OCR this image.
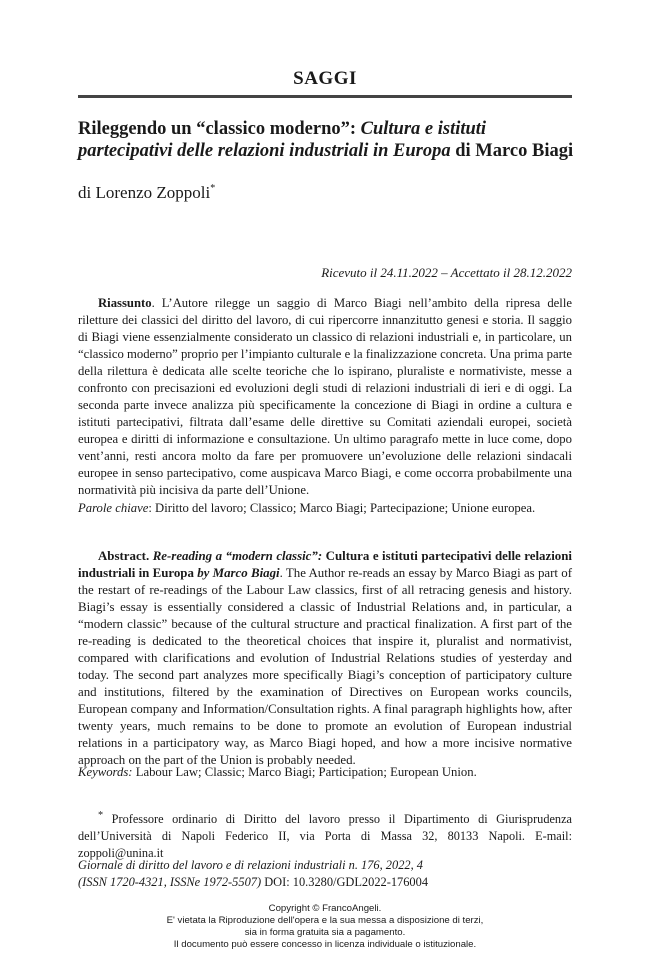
SAGGI
Rileggendo un “classico moderno”: Cultura e istituti partecipativi delle relazioni industriali in Europa di Marco Biagi
di Lorenzo Zoppoli*
Ricevuto il 24.11.2022 – Accettato il 28.12.2022
Riassunto. L’Autore rilegge un saggio di Marco Biagi nell’ambito della ripresa delle riletture dei classici del diritto del lavoro, di cui ripercorre innanzitutto genesi e storia. Il saggio di Biagi viene essenzialmente considerato un classico di relazioni industriali e, in particolare, un “classico moderno” proprio per l’impianto culturale e la finalizzazione concreta. Una prima parte della rilettura è dedicata alle scelte teoriche che lo ispirano, pluraliste e normativiste, messe a confronto con precisazioni ed evoluzioni degli studi di relazioni industriali di ieri e di oggi. La seconda parte invece analizza più specificamente la concezione di Biagi in ordine a cultura e istituti partecipativi, filtrata dall’esame delle direttive su Comitati aziendali europei, società europea e diritti di informazione e consultazione. Un ultimo paragrafo mette in luce come, dopo vent’anni, resti ancora molto da fare per promuovere un’evoluzione delle relazioni sindacali europee in senso partecipativo, come auspicava Marco Biagi, e come occorra probabilmente una normatività più incisiva da parte dell’Unione.
Parole chiave: Diritto del lavoro; Classico; Marco Biagi; Partecipazione; Unione europea.
Abstract. Re-reading a “modern classic”: Cultura e istituti partecipativi delle relazioni industriali in Europa by Marco Biagi. The Author re-reads an essay by Marco Biagi as part of the restart of re-readings of the Labour Law classics, first of all retracing genesis and history. Biagi’s essay is essentially considered a classic of Industrial Relations and, in particular, a “modern classic” because of the cultural structure and practical finalization. A first part of the re-reading is dedicated to the theoretical choices that inspire it, pluralist and normativist, compared with clarifications and evolution of Industrial Relations studies of yesterday and today. The second part analyzes more specifically Biagi’s conception of participatory culture and institutions, filtered by the examination of Directives on European works councils, European company and Information/Consultation rights. A final paragraph highlights how, after twenty years, much remains to be done to promote an evolution of European industrial relations in a participatory way, as Marco Biagi hoped, and how a more incisive normative approach on the part of the Union is probably needed.
Keywords: Labour Law; Classic; Marco Biagi; Participation; European Union.
* Professore ordinario di Diritto del lavoro presso il Dipartimento di Giurisprudenza dell’Università di Napoli Federico II, via Porta di Massa 32, 80133 Napoli. E-mail: zoppoli@unina.it
Giornale di diritto del lavoro e di relazioni industriali n. 176, 2022, 4
(ISSN 1720-4321, ISSNe 1972-5507) DOI: 10.3280/GDL2022-176004
Copyright © FrancoAngeli.
E' vietata la Riproduzione dell'opera e la sua messa a disposizione di terzi,
sia in forma gratuita sia a pagamento.
Il documento può essere concesso in licenza individuale o istituzionale.
